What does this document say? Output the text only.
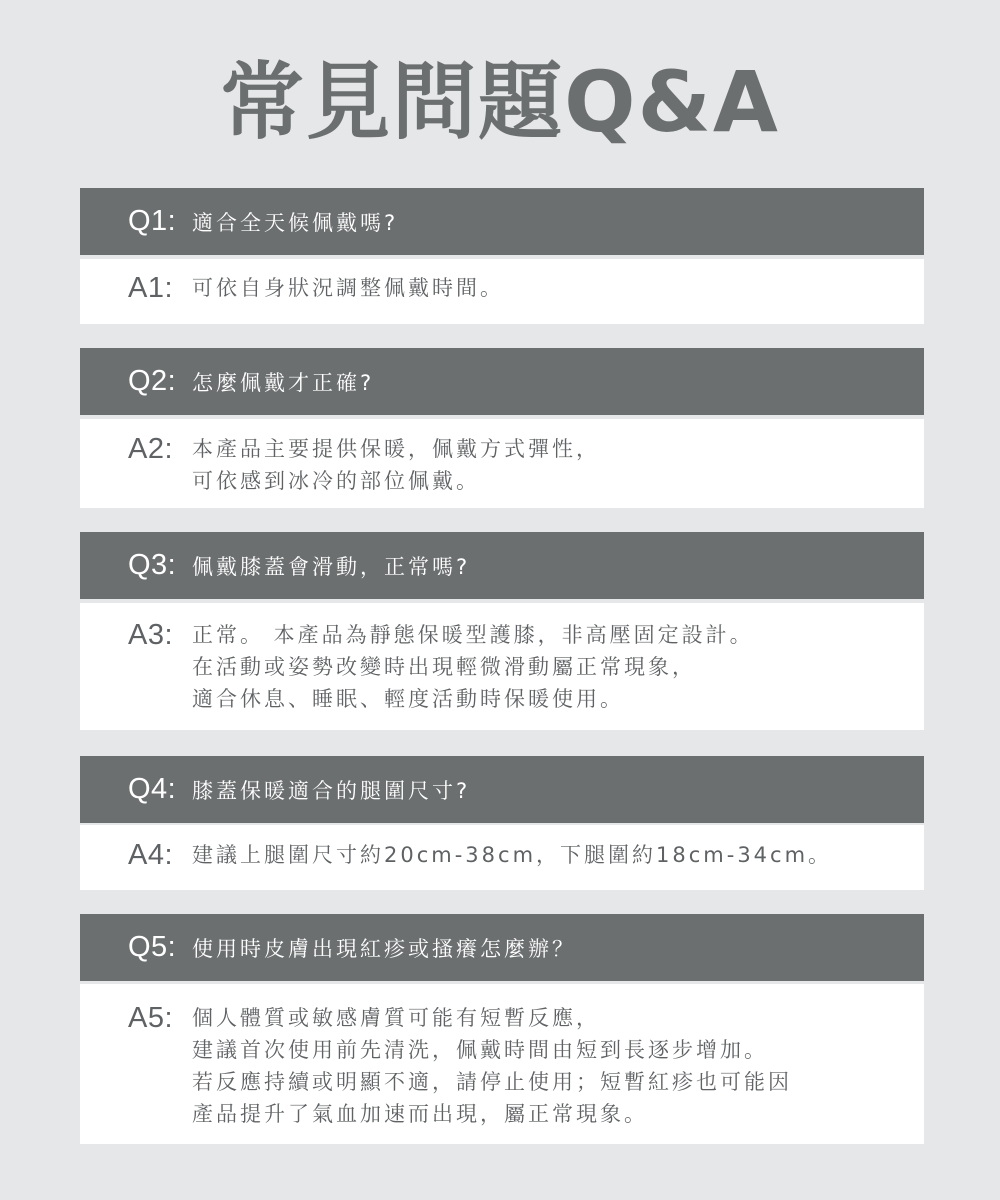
常見問題Q&A
Q1: 適合全天候佩戴嗎?
A1: 可依自身狀況調整佩戴時間。
Q2: 怎麼佩戴才正確?
A2: 本產品主要提供保暖，佩戴方式彈性，
可依感到冰冷的部位佩戴。
Q3: 佩戴膝蓋會滑動，正常嗎?
A3: 正常。 本產品為靜態保暖型護膝，非高壓固定設計。
在活動或姿勢改變時出現輕微滑動屬正常現象，
適合休息、睡眠、輕度活動時保暖使用。
Q4: 膝蓋保暖適合的腿圍尺寸?
A4: 建議上腿圍尺寸約20cm-38cm，下腿圍約18cm-34cm。
Q5: 使用時皮膚出現紅疹或搔癢怎麼辦？
A5: 個人體質或敏感膚質可能有短暫反應，
建議首次使用前先清洗，佩戴時間由短到長逐步增加。
若反應持續或明顯不適，請停止使用；短暫紅疹也可能因
產品提升了氣血加速而出現，屬正常現象。
